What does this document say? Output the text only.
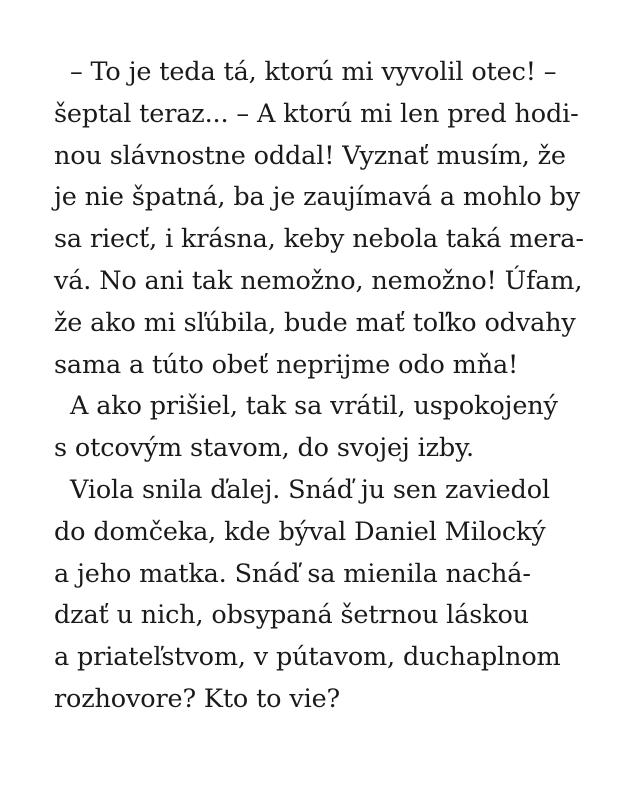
– To je teda tá, ktorú mi vyvolil otec! –
šeptal teraz... – A ktorú mi len pred hodi-
nou slávnostne oddal! Vyznať musím, že
je nie špatná, ba je zaujímavá a mohlo by
sa riecť, i krásna, keby nebola taká mera-
vá. No ani tak nemožno, nemožno! Úfam,
že ako mi sľúbila, bude mať toľko odvahy
sama a túto obeť neprijme odo mňa!
A ako prišiel, tak sa vrátil, uspokojený
s otcovým stavom, do svojej izby.
Viola snila ďalej. Snáď ju sen zaviedol
do domčeka, kde býval Daniel Milocký
a jeho matka. Snáď sa mienila nachá-
dzať u nich, obsypaná šetrnou láskou
a priateľstvom, v pútavom, duchaplnom
rozhovore? Kto to vie?
